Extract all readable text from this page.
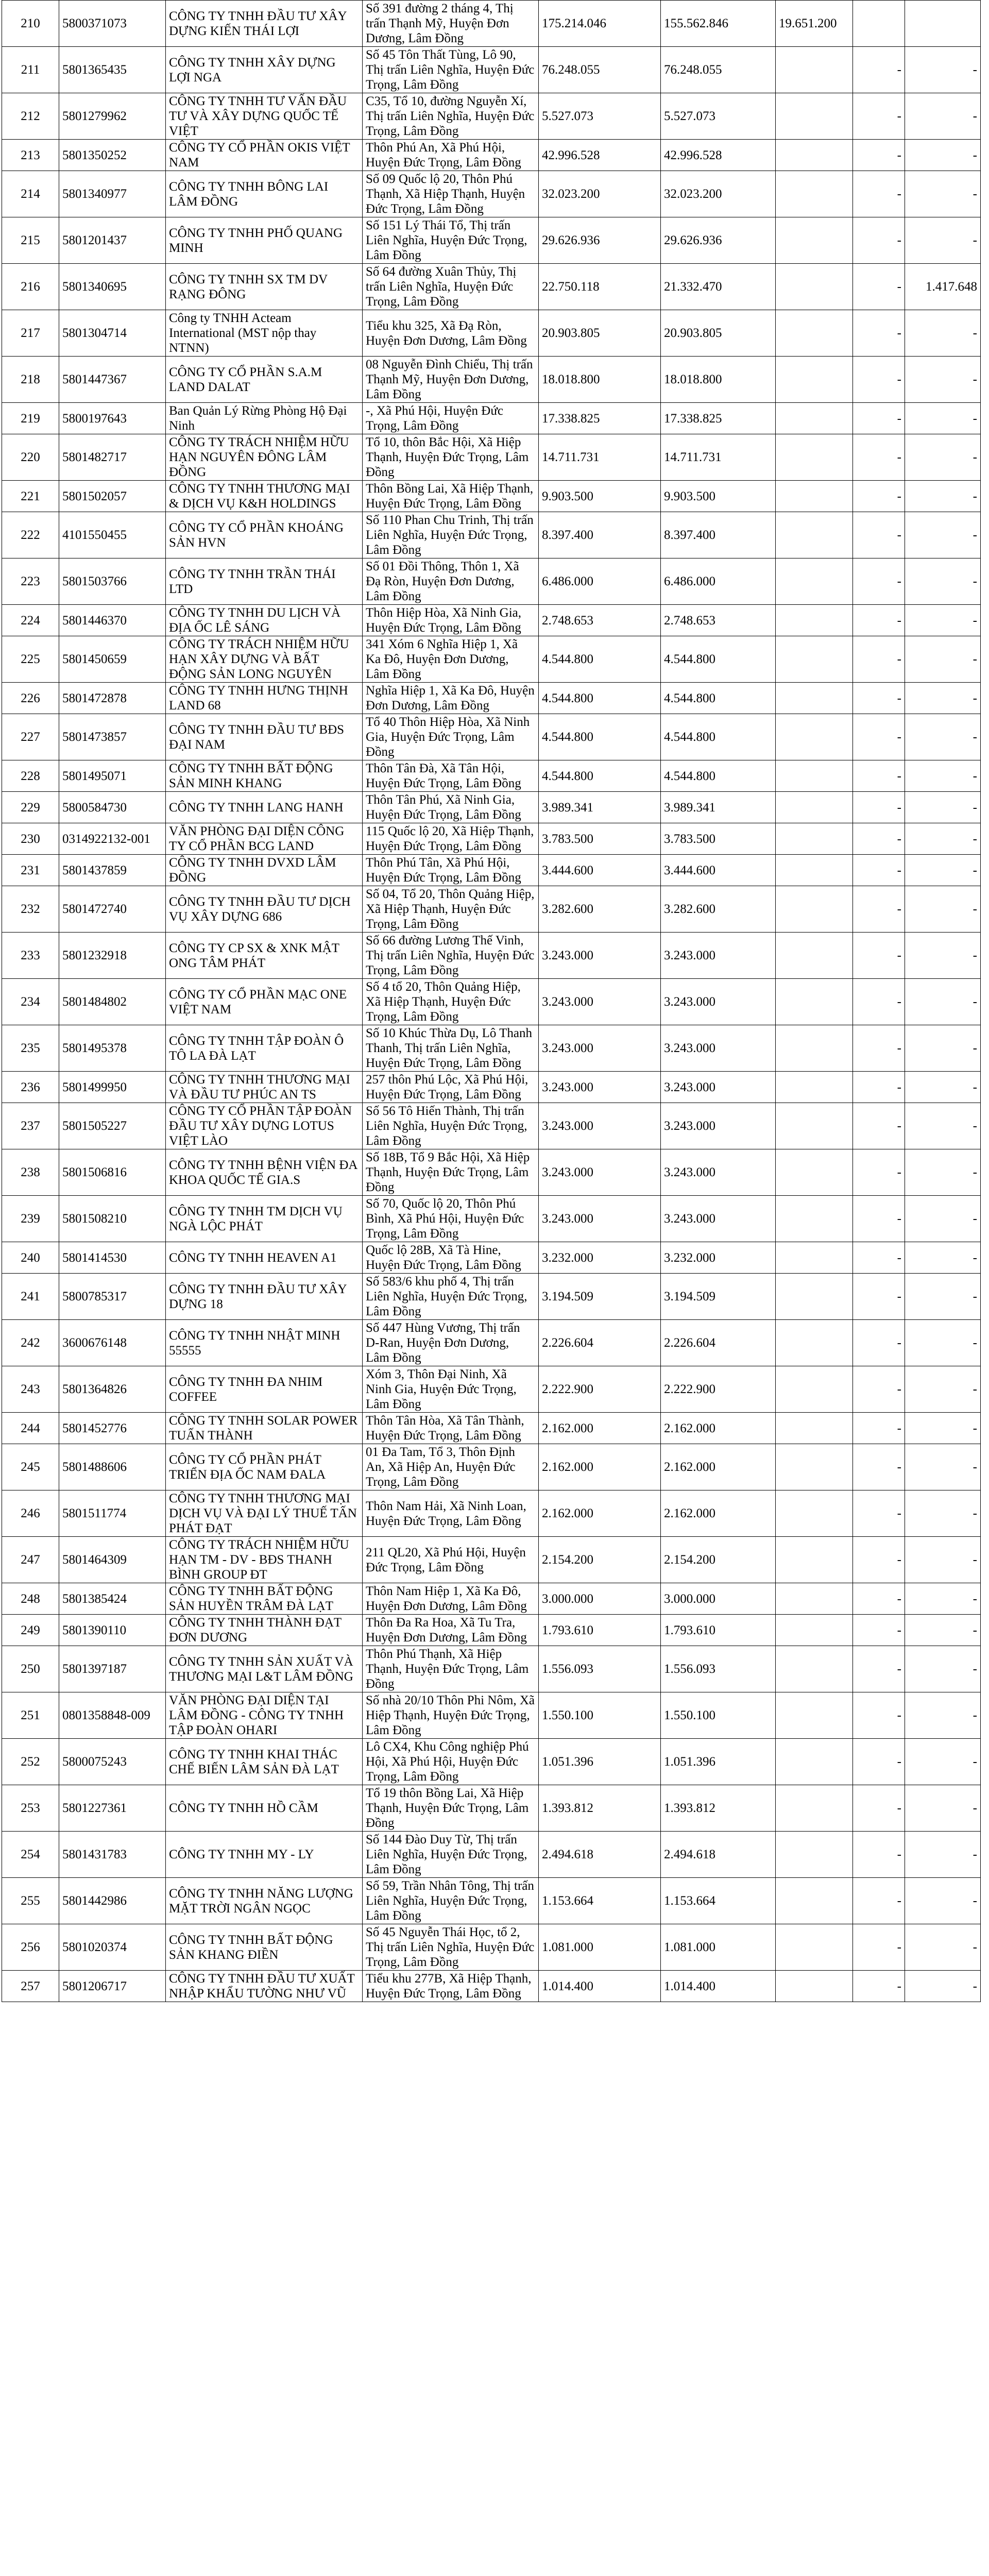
210	5800371073	CÔNG TY TNHH ĐẦU TƯ XÂY DỰNG KIẾN THÁI LỢI	Số 391 đường 2 tháng 4, Thị trấn Thạnh Mỹ, Huyện Đơn Dương, Lâm Đồng	175.214.046	155.562.846	19.651.200		
211	5801365435	CÔNG TY TNHH XÂY DỰNG LỢI NGA	Số 45 Tôn Thất Tùng, Lô 90, Thị trấn Liên Nghĩa, Huyện Đức Trọng, Lâm Đồng	76.248.055	76.248.055		-	-
212	5801279962	CÔNG TY TNHH TƯ VẤN ĐẦU TƯ VÀ XÂY DỰNG QUỐC TẾ VIỆT	C35, Tổ 10, đường Nguyễn Xí, Thị trấn Liên Nghĩa, Huyện Đức Trọng, Lâm Đồng	5.527.073	5.527.073		-	-
213	5801350252	CÔNG TY CỔ PHẦN OKIS VIỆT NAM	Thôn Phú An, Xã Phú Hội, Huyện Đức Trọng, Lâm Đồng	42.996.528	42.996.528		-	-
214	5801340977	CÔNG TY TNHH BÔNG LAI LÂM ĐỒNG	Số 09 Quốc lộ 20, Thôn Phú Thạnh, Xã Hiệp Thạnh, Huyện Đức Trọng, Lâm Đồng	32.023.200	32.023.200		-	-
215	5801201437	CÔNG TY TNHH PHỐ QUANG MINH	Số 151 Lý Thái Tổ, Thị trấn Liên Nghĩa, Huyện Đức Trọng, Lâm Đồng	29.626.936	29.626.936		-	-
216	5801340695	CÔNG TY TNHH SX TM DV RẠNG ĐÔNG	Số 64 đường Xuân Thủy, Thị trấn Liên Nghĩa, Huyện Đức Trọng, Lâm Đồng	22.750.118	21.332.470		-	1.417.648
217	5801304714	Công ty TNHH Acteam International (MST nộp thay NTNN)	Tiểu khu 325, Xã Đạ Ròn, Huyện Đơn Dương, Lâm Đồng	20.903.805	20.903.805		-	-
218	5801447367	CÔNG TY CỔ PHẦN S.A.M LAND DALAT	08 Nguyễn Đình Chiểu, Thị trấn Thạnh Mỹ, Huyện Đơn Dương, Lâm Đồng	18.018.800	18.018.800		-	-
219	5800197643	Ban Quản Lý Rừng Phòng Hộ Đại Ninh	-, Xã Phú Hội, Huyện Đức Trọng, Lâm Đồng	17.338.825	17.338.825		-	-
220	5801482717	CÔNG TY TRÁCH NHIỆM HỮU HẠN NGUYÊN ĐÔNG LÂM ĐỒNG	Tổ 10, thôn Bắc Hội, Xã Hiệp Thạnh, Huyện Đức Trọng, Lâm Đồng	14.711.731	14.711.731		-	-
221	5801502057	CÔNG TY TNHH THƯƠNG MẠI & DỊCH VỤ K&H HOLDINGS	Thôn Bồng Lai, Xã Hiệp Thạnh, Huyện Đức Trọng, Lâm Đồng	9.903.500	9.903.500		-	-
222	4101550455	CÔNG TY CỔ PHẦN KHOÁNG SẢN HVN	Số 110 Phan Chu Trinh, Thị trấn Liên Nghĩa, Huyện Đức Trọng, Lâm Đồng	8.397.400	8.397.400		-	-
223	5801503766	CÔNG TY TNHH TRẦN THÁI LTD	Số 01 Đồi Thông, Thôn 1, Xã Đạ Ròn, Huyện Đơn Dương, Lâm Đồng	6.486.000	6.486.000		-	-
224	5801446370	CÔNG TY TNHH DU LỊCH VÀ ĐỊA ỐC LÊ SÁNG	Thôn Hiệp Hòa, Xã Ninh Gia, Huyện Đức Trọng, Lâm Đồng	2.748.653	2.748.653		-	-
225	5801450659	CÔNG TY TRÁCH NHIỆM HỮU HẠN XÂY DỰNG VÀ BẤT ĐỘNG SẢN LONG NGUYÊN	341 Xóm 6 Nghĩa Hiệp 1, Xã Ka Đô, Huyện Đơn Dương, Lâm Đồng	4.544.800	4.544.800		-	-
226	5801472878	CÔNG TY TNHH HƯNG THỊNH LAND 68	Nghĩa Hiệp 1, Xã Ka Đô, Huyện Đơn Dương, Lâm Đồng	4.544.800	4.544.800		-	-
227	5801473857	CÔNG TY TNHH ĐẦU TƯ BĐS ĐẠI NAM	Tổ 40 Thôn Hiệp Hòa, Xã Ninh Gia, Huyện Đức Trọng, Lâm Đồng	4.544.800	4.544.800		-	-
228	5801495071	CÔNG TY TNHH BẤT ĐỘNG SẢN MINH KHANG	Thôn Tân Đà, Xã Tân Hội, Huyện Đức Trọng, Lâm Đồng	4.544.800	4.544.800		-	-
229	5800584730	CÔNG TY TNHH LANG HANH	Thôn Tân Phú, Xã Ninh Gia, Huyện Đức Trọng, Lâm Đồng	3.989.341	3.989.341		-	-
230	0314922132-001	VĂN PHÒNG ĐẠI DIỆN CÔNG TY CỔ PHẦN BCG LAND	115 Quốc lộ 20, Xã Hiệp Thạnh, Huyện Đức Trọng, Lâm Đồng	3.783.500	3.783.500		-	-
231	5801437859	CÔNG TY TNHH DVXD LÂM ĐỒNG	Thôn Phú Tân, Xã Phú Hội, Huyện Đức Trọng, Lâm Đồng	3.444.600	3.444.600		-	-
232	5801472740	CÔNG TY TNHH ĐẦU TƯ DỊCH VỤ XÂY DỰNG 686	Số 04, Tổ 20, Thôn Quảng Hiệp, Xã Hiệp Thạnh, Huyện Đức Trọng, Lâm Đồng	3.282.600	3.282.600		-	-
233	5801232918	CÔNG TY CP SX & XNK MẬT ONG TÂM PHÁT	Số 66 đường Lương Thế Vinh, Thị trấn Liên Nghĩa, Huyện Đức Trọng, Lâm Đồng	3.243.000	3.243.000		-	-
234	5801484802	CÔNG TY CỔ PHẦN MẠC ONE VIỆT NAM	Số 4 tổ 20, Thôn Quảng Hiệp, Xã Hiệp Thạnh, Huyện Đức Trọng, Lâm Đồng	3.243.000	3.243.000		-	-
235	5801495378	CÔNG TY TNHH TẬP ĐOÀN Ô TÔ LA ĐÀ LẠT	Số 10 Khúc Thừa Dụ, Lô Thanh Thanh, Thị trấn Liên Nghĩa, Huyện Đức Trọng, Lâm Đồng	3.243.000	3.243.000		-	-
236	5801499950	CÔNG TY TNHH THƯƠNG MẠI VÀ ĐẦU TƯ PHÚC AN TS	257 thôn Phú Lộc, Xã Phú Hội, Huyện Đức Trọng, Lâm Đồng	3.243.000	3.243.000		-	-
237	5801505227	CÔNG TY CỔ PHẦN TẬP ĐOÀN ĐẦU TƯ XÂY DỰNG LOTUS VIỆT LÀO	Số 56 Tô Hiến Thành, Thị trấn Liên Nghĩa, Huyện Đức Trọng, Lâm Đồng	3.243.000	3.243.000		-	-
238	5801506816	CÔNG TY TNHH BỆNH VIỆN ĐA KHOA QUỐC TẾ GIA.S	Số 18B, Tổ 9 Bắc Hội, Xã Hiệp Thạnh, Huyện Đức Trọng, Lâm Đồng	3.243.000	3.243.000		-	-
239	5801508210	CÔNG TY TNHH TM DỊCH VỤ NGÀ LỘC PHÁT	Số 70, Quốc lộ 20, Thôn Phú Bình, Xã Phú Hội, Huyện Đức Trọng, Lâm Đồng	3.243.000	3.243.000		-	-
240	5801414530	CÔNG TY TNHH HEAVEN A1	Quốc lộ 28B, Xã Tà Hine, Huyện Đức Trọng, Lâm Đồng	3.232.000	3.232.000		-	-
241	5800785317	CÔNG TY TNHH ĐẦU TƯ XÂY DỰNG 18	Số 583/6 khu phố 4, Thị trấn Liên Nghĩa, Huyện Đức Trọng, Lâm Đồng	3.194.509	3.194.509		-	-
242	3600676148	CÔNG TY TNHH NHẬT MINH 55555	Số 447 Hùng Vương, Thị trấn D-Ran, Huyện Đơn Dương, Lâm Đồng	2.226.604	2.226.604		-	-
243	5801364826	CÔNG TY TNHH ĐA NHIM COFFEE	Xóm 3, Thôn Đại Ninh, Xã Ninh Gia, Huyện Đức Trọng, Lâm Đồng	2.222.900	2.222.900		-	-
244	5801452776	CÔNG TY TNHH SOLAR POWER TUẤN THÀNH	Thôn Tân Hòa, Xã Tân Thành, Huyện Đức Trọng, Lâm Đồng	2.162.000	2.162.000		-	-
245	5801488606	CÔNG TY CỔ PHẦN PHÁT TRIỂN ĐỊA ỐC NAM ĐALA	01 Đa Tam, Tổ 3, Thôn Định An, Xã Hiệp An, Huyện Đức Trọng, Lâm Đồng	2.162.000	2.162.000		-	-
246	5801511774	CÔNG TY TNHH THƯƠNG MẠI DỊCH VỤ VÀ ĐẠI LÝ THUẾ TẤN PHÁT ĐẠT	Thôn Nam Hải, Xã Ninh Loan, Huyện Đức Trọng, Lâm Đồng	2.162.000	2.162.000		-	-
247	5801464309	CÔNG TY TRÁCH NHIỆM HỮU HẠN TM - DV - BĐS THANH BÌNH GROUP ĐT	211 QL20, Xã Phú Hội, Huyện Đức Trọng, Lâm Đồng	2.154.200	2.154.200		-	-
248	5801385424	CÔNG TY TNHH BẤT ĐỘNG SẢN HUYỀN TRÂM ĐÀ LẠT	Thôn Nam Hiệp 1, Xã Ka Đô, Huyện Đơn Dương, Lâm Đồng	3.000.000	3.000.000		-	-
249	5801390110	CÔNG TY TNHH THÀNH ĐẠT ĐƠN DƯƠNG	Thôn Đa Ra Hoa, Xã Tu Tra, Huyện Đơn Dương, Lâm Đồng	1.793.610	1.793.610		-	-
250	5801397187	CÔNG TY TNHH SẢN XUẤT VÀ THƯƠNG MẠI L&T LÂM ĐỒNG	Thôn Phú Thạnh, Xã Hiệp Thạnh, Huyện Đức Trọng, Lâm Đồng	1.556.093	1.556.093		-	-
251	0801358848-009	VĂN PHÒNG ĐẠI DIỆN TẠI LÂM ĐỒNG - CÔNG TY TNHH TẬP ĐOÀN OHARI	Số nhà 20/10 Thôn Phi Nôm, Xã Hiệp Thạnh, Huyện Đức Trọng, Lâm Đồng	1.550.100	1.550.100		-	-
252	5800075243	CÔNG TY TNHH KHAI THÁC CHẾ BIẾN LÂM SẢN ĐÀ LẠT	Lô CX4, Khu Công nghiệp Phú Hội, Xã Phú Hội, Huyện Đức Trọng, Lâm Đồng	1.051.396	1.051.396		-	-
253	5801227361	CÔNG TY TNHH HỒ CẦM	Tổ 19 thôn Bồng Lai, Xã Hiệp Thạnh, Huyện Đức Trọng, Lâm Đồng	1.393.812	1.393.812		-	-
254	5801431783	CÔNG TY TNHH MY - LY	Số 144 Đào Duy Từ, Thị trấn Liên Nghĩa, Huyện Đức Trọng, Lâm Đồng	2.494.618	2.494.618		-	-
255	5801442986	CÔNG TY TNHH NĂNG LƯỢNG MẶT TRỜI NGÂN NGỌC	Số 59, Trần Nhân Tông, Thị trấn Liên Nghĩa, Huyện Đức Trọng, Lâm Đồng	1.153.664	1.153.664		-	-
256	5801020374	CÔNG TY TNHH BẤT ĐỘNG SẢN KHANG ĐIỀN	Số 45 Nguyễn Thái Học, tổ 2, Thị trấn Liên Nghĩa, Huyện Đức Trọng, Lâm Đồng	1.081.000	1.081.000		-	-
257	5801206717	CÔNG TY TNHH ĐẦU TƯ XUẤT NHẬP KHẨU TƯỜNG NHƯ VŨ	Tiểu khu 277B, Xã Hiệp Thạnh, Huyện Đức Trọng, Lâm Đồng	1.014.400	1.014.400		-	-
